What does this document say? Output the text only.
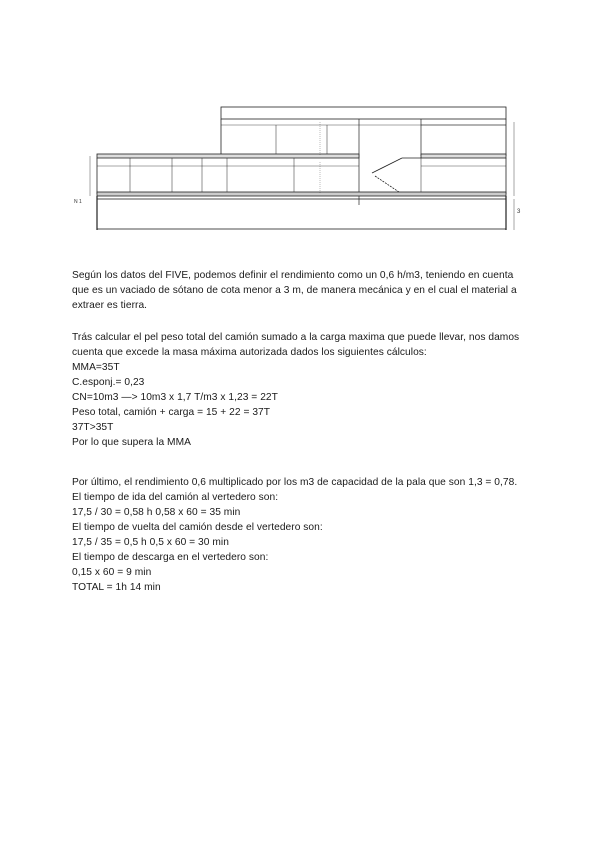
N 1
3

Según los datos del FIVE, podemos definir el rendimiento como un 0,6 h/m3, teniendo en cuenta que es un vaciado de sótano de cota menor a 3 m, de manera mecánica y en el cual el material a extraer es tierra.

Trás calcular el pel peso total del camión sumado a la carga maxima que puede llevar, nos damos cuenta que excede la masa máxima autorizada dados los siguientes cálculos:

MMA=35T

C.esponj.= 0,23

CN=10m3 —> 10m3 x 1,7 T/m3 x 1,23 = 22T

Peso total, camión + carga = 15 + 22 = 37T

37T>35T

Por lo que supera la MMA

Por último, el rendimiento 0,6 multiplicado por los m3 de capacidad de la pala que son 1,3 = 0,78.

El tiempo de ida del camión al vertedero son:

17,5 / 30 = 0,58 h 0,58 x 60 = 35 min

El tiempo de vuelta del camión desde el vertedero son:

17,5 / 35 = 0,5 h 0,5 x 60 = 30 min

El tiempo de descarga en el vertedero son:

0,15 x 60 = 9 min

TOTAL = 1h 14 min
